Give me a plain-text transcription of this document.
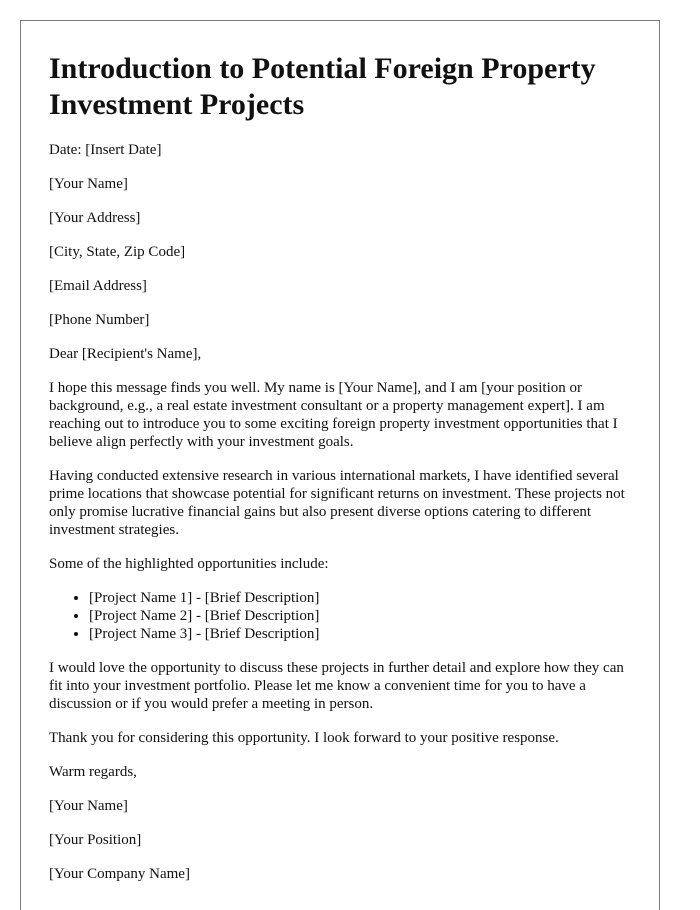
Introduction to Potential Foreign Property Investment Projects

Date: [Insert Date]

[Your Name]

[Your Address]

[City, State, Zip Code]

[Email Address]

[Phone Number]

Dear [Recipient's Name],

I hope this message finds you well. My name is [Your Name], and I am [your position or background, e.g., a real estate investment consultant or a property management expert]. I am reaching out to introduce you to some exciting foreign property investment opportunities that I believe align perfectly with your investment goals.

Having conducted extensive research in various international markets, I have identified several prime locations that showcase potential for significant returns on investment. These projects not only promise lucrative financial gains but also present diverse options catering to different investment strategies.

Some of the highlighted opportunities include:

• [Project Name 1] - [Brief Description]
• [Project Name 2] - [Brief Description]
• [Project Name 3] - [Brief Description]

I would love the opportunity to discuss these projects in further detail and explore how they can fit into your investment portfolio. Please let me know a convenient time for you to have a discussion or if you would prefer a meeting in person.

Thank you for considering this opportunity. I look forward to your positive response.

Warm regards,

[Your Name]

[Your Position]

[Your Company Name]
